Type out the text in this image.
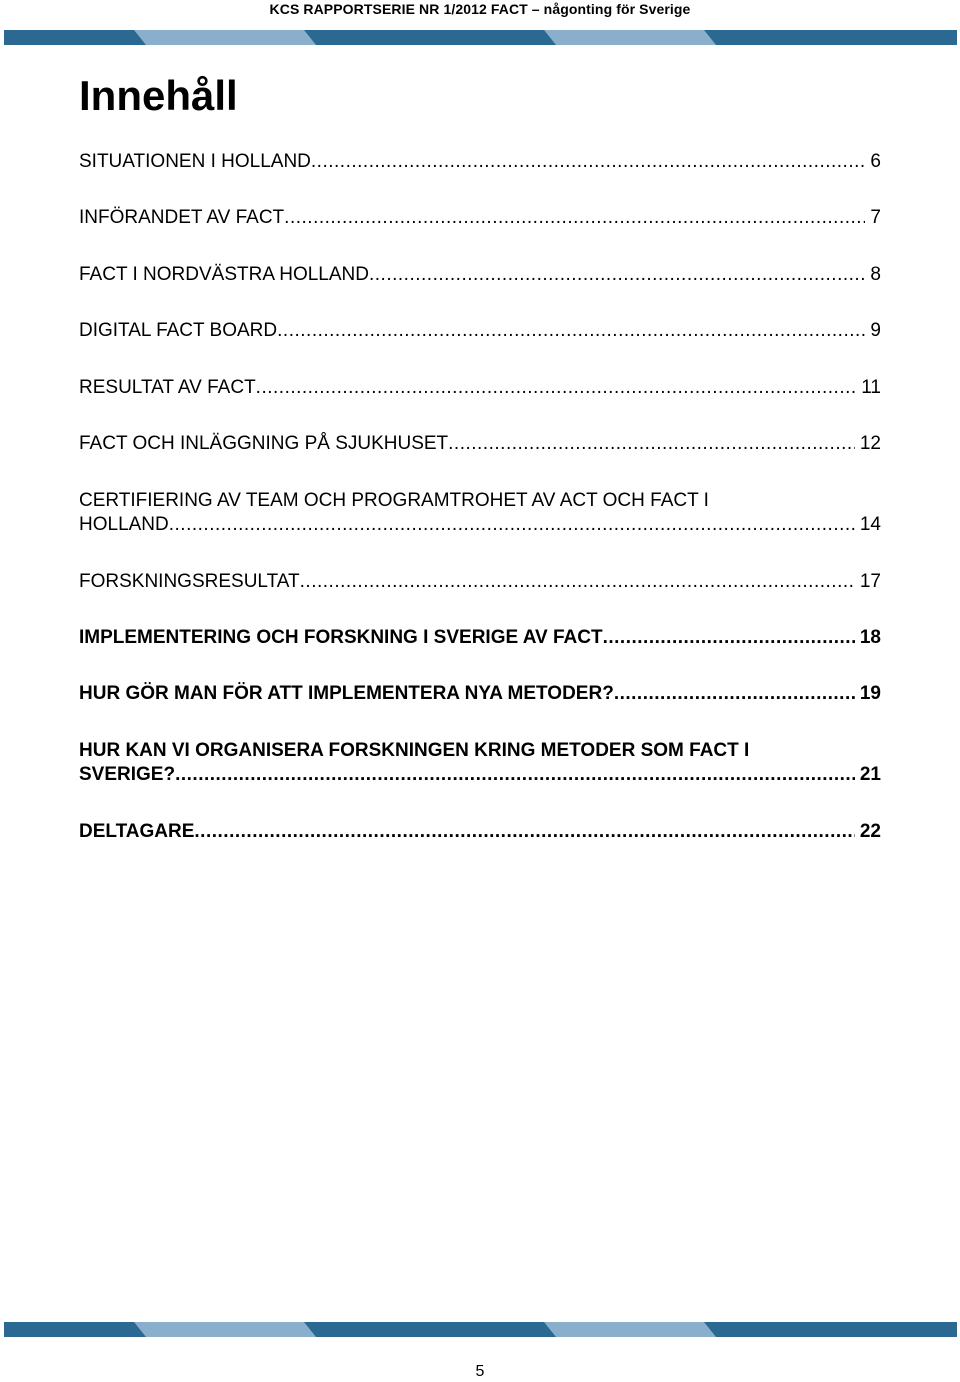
KCS RAPPORTSERIE NR 1/2012 FACT – någonting för Sverige
Innehåll
SITUATIONEN I HOLLAND .....	6
INFÖRANDET AV FACT .....	7
FACT I NORDVÄSTRA HOLLAND .....	8
DIGITAL FACT BOARD .....	9
RESULTAT AV FACT .....	11
FACT OCH INLÄGGNING PÅ SJUKHUSET .....	12
CERTIFIERING AV TEAM OCH PROGRAMTROHET AV ACT OCH FACT I
HOLLAND .....	14
FORSKNINGSRESULTAT .....	17
IMPLEMENTERING OCH FORSKNING I SVERIGE AV FACT .....	18
HUR GÖR MAN FÖR ATT IMPLEMENTERA NYA METODER? .....	19
HUR KAN VI ORGANISERA FORSKNINGEN KRING METODER SOM FACT I
SVERIGE? .....	21
DELTAGARE .....	22
5
